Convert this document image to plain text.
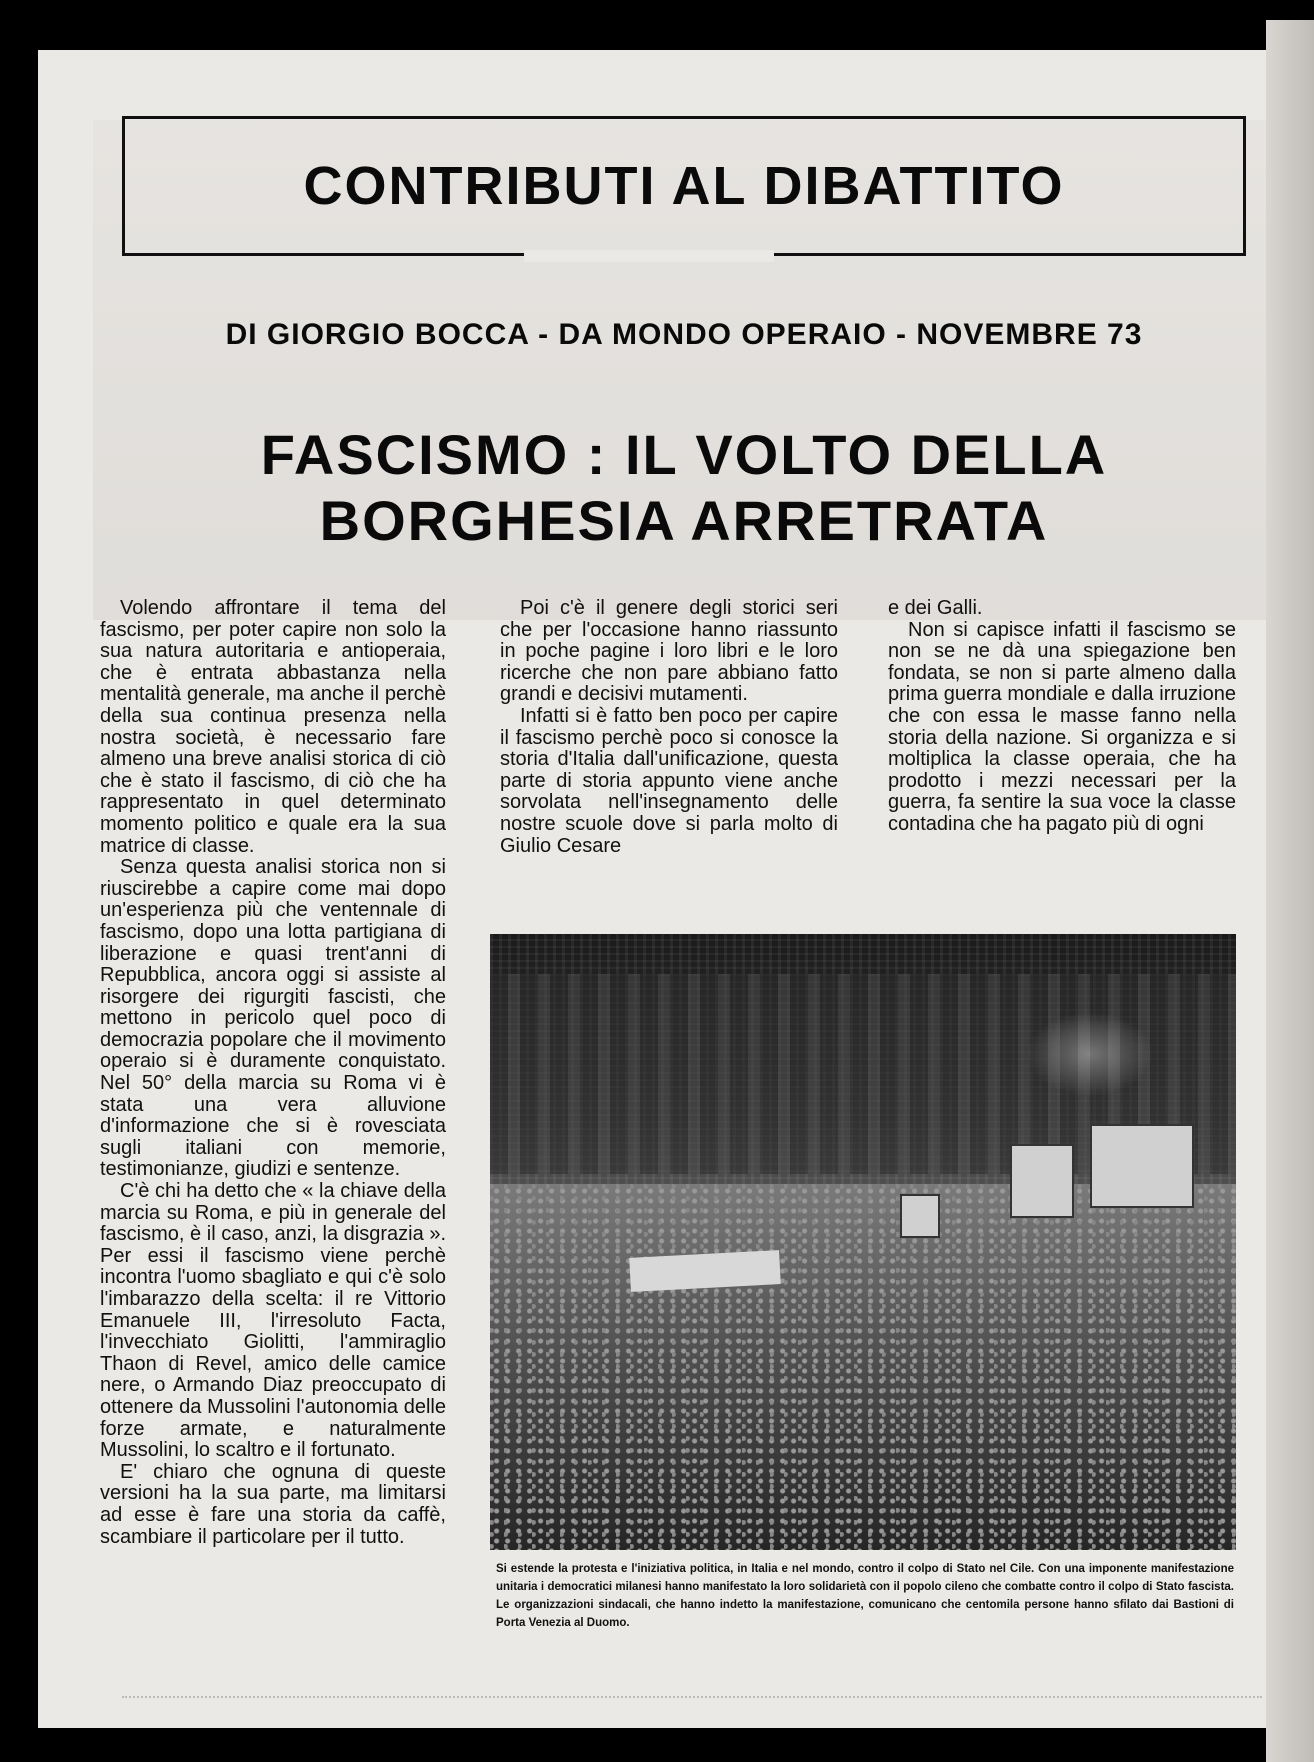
CONTRIBUTI AL DIBATTITO
DI GIORGIO BOCCA - DA MONDO OPERAIO - NOVEMBRE 73
FASCISMO : IL VOLTO DELLA
BORGHESIA ARRETRATA

Volendo affrontare il tema del fascismo, per poter capire non solo la sua natura autoritaria e antioperaia, che è entrata abbastanza nella mentalità generale, ma anche il perchè della sua continua presenza nella nostra società, è necessario fare almeno una breve analisi storica di ciò che è stato il fascismo, di ciò che ha rappresentato in quel determinato momento politico e quale era la sua matrice di classe.

Senza questa analisi storica non si riuscirebbe a capire come mai dopo un'esperienza più che ventennale di fascismo, dopo una lotta partigiana di liberazione e quasi trent'anni di Repubblica, ancora oggi si assiste al risorgere dei rigurgiti fascisti, che mettono in pericolo quel poco di democrazia popolare che il movimento operaio si è duramente conquistato. Nel 50° della marcia su Roma vi è stata una vera alluvione d'informazione che si è rovesciata sugli italiani con memorie, testimonianze, giudizi e sentenze.

C'è chi ha detto che « la chiave della marcia su Roma, e più in generale del fascismo, è il caso, anzi, la disgrazia ». Per essi il fascismo viene perchè incontra l'uomo sbagliato e qui c'è solo l'imbarazzo della scelta: il re Vittorio Emanuele III, l'irresoluto Facta, l'invecchiato Giolitti, l'ammiraglio Thaon di Revel, amico delle camice nere, o Armando Diaz preoccupato di ottenere da Mussolini l'autonomia delle forze armate, e naturalmente Mussolini, lo scaltro e il fortunato.

E' chiaro che ognuna di queste versioni ha la sua parte, ma limitarsi ad esse è fare una storia da caffè, scambiare il particolare per il tutto.

Poi c'è il genere degli storici seri che per l'occasione hanno riassunto in poche pagine i loro libri e le loro ricerche che non pare abbiano fatto grandi e decisivi mutamenti.

Infatti si è fatto ben poco per capire il fascismo perchè poco si conosce la storia d'Italia dall'unificazione, questa parte di storia appunto viene anche sorvolata nell'insegnamento delle nostre scuole dove si parla molto di Giulio Cesare

e dei Galli.

Non si capisce infatti il fascismo se non se ne dà una spiegazione ben fondata, se non si parte almeno dalla prima guerra mondiale e dalla irruzione che con essa le masse fanno nella storia della nazione. Si organizza e si moltiplica la classe operaia, che ha prodotto i mezzi necessari per la guerra, fa sentire la sua voce la classe contadina che ha pagato più di ogni

Si estende la protesta e l'iniziativa politica, in Italia e nel mondo, contro il colpo di Stato nel Cile. Con una imponente manifestazione unitaria i democratici milanesi hanno manifestato la loro solidarietà con il popolo cileno che combatte contro il colpo di Stato fascista. Le organizzazioni sindacali, che hanno indetto la manifestazione, comunicano che centomila persone hanno sfilato dai Bastioni di Porta Venezia al Duomo.
